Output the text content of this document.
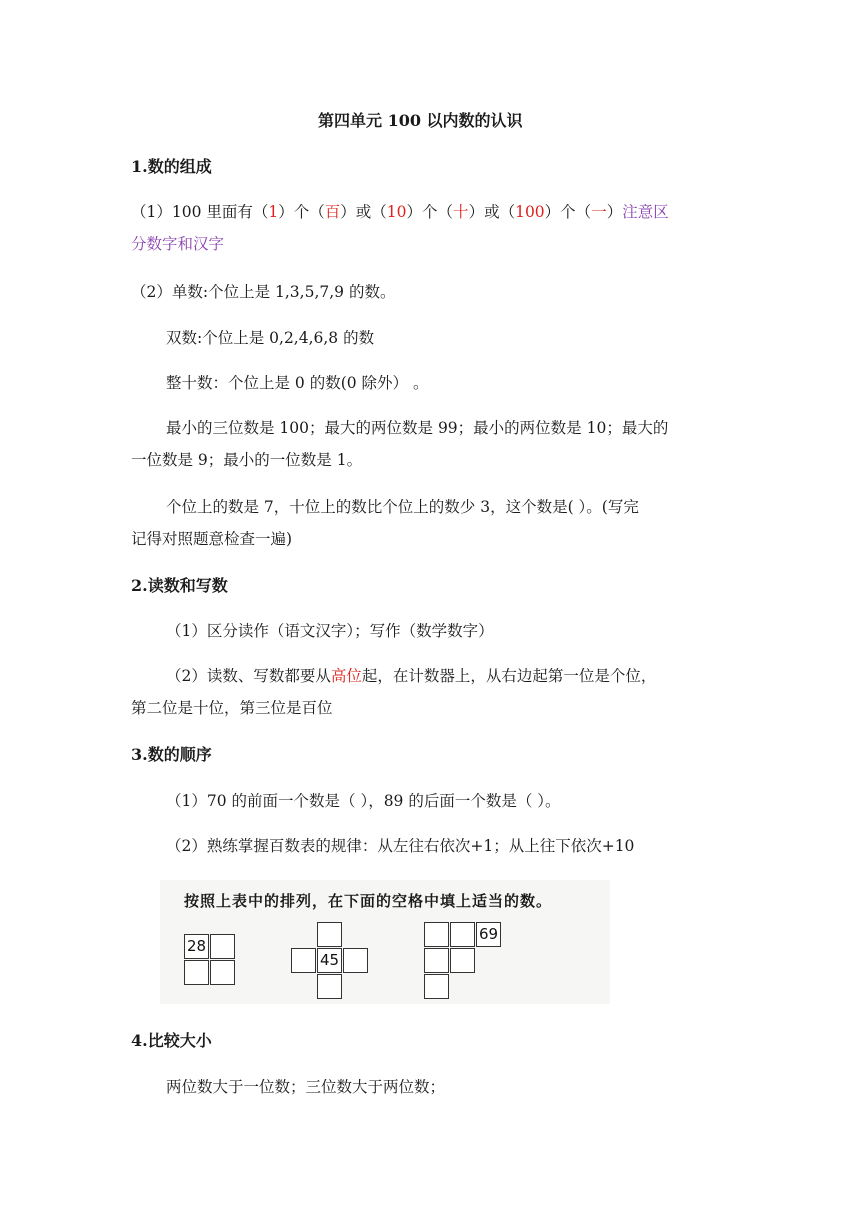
第四单元 100 以内数的认识
1.数的组成
（1）100 里面有（1）个（百）或（10）个（十）或（100）个（一）注意区
分数字和汉字
（2）单数:个位上是 1,3,5,7,9 的数。
双数:个位上是 0,2,4,6,8 的数
整十数：个位上是 0 的数(0 除外） 。
最小的三位数是 100；最大的两位数是 99；最小的两位数是 10；最大的
一位数是 9；最小的一位数是 1。
个位上的数是 7，十位上的数比个位上的数少 3，这个数是( ）。(写完
记得对照题意检查一遍)
2.读数和写数
（1）区分读作（语文汉字）；写作（数学数字）
（2）读数、写数都要从高位起，在计数器上，从右边起第一位是个位，
第二位是十位，第三位是百位
3.数的顺序
（1）70 的前面一个数是（ ），89 的后面一个数是（ ）。
（2）熟练掌握百数表的规律：从左往右依次+1；从上往下依次+10
按照上表中的排列，在下面的空格中填上适当的数。
28
45
69
4.比较大小
两位数大于一位数；三位数大于两位数；
